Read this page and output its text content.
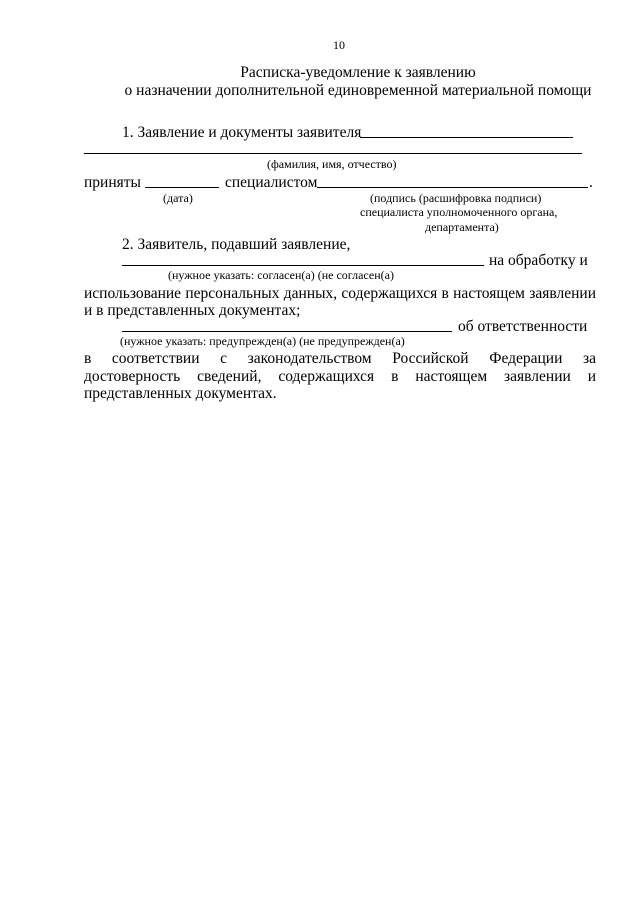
10
Расписка-уведомление к заявлению
о назначении дополнительной единовременной материальной помощи
1. Заявление и документы заявителя
(фамилия, имя, отчество)
приняты	специалистом	.
(дата)	(подпись (расшифровка подписи)
специалиста уполномоченного органа,
департамента)
2. Заявитель, подавший заявление,
на обработку и
(нужное указать: согласен(а) (не согласен(а)
использование персональных данных, содержащихся в настоящем заявлении
и в представленных документах;
об ответственности
(нужное указать: предупрежден(а) (не предупрежден(а)
в соответствии с законодательством Российской Федерации за
достоверность сведений, содержащихся в настоящем заявлении и
представленных документах.
